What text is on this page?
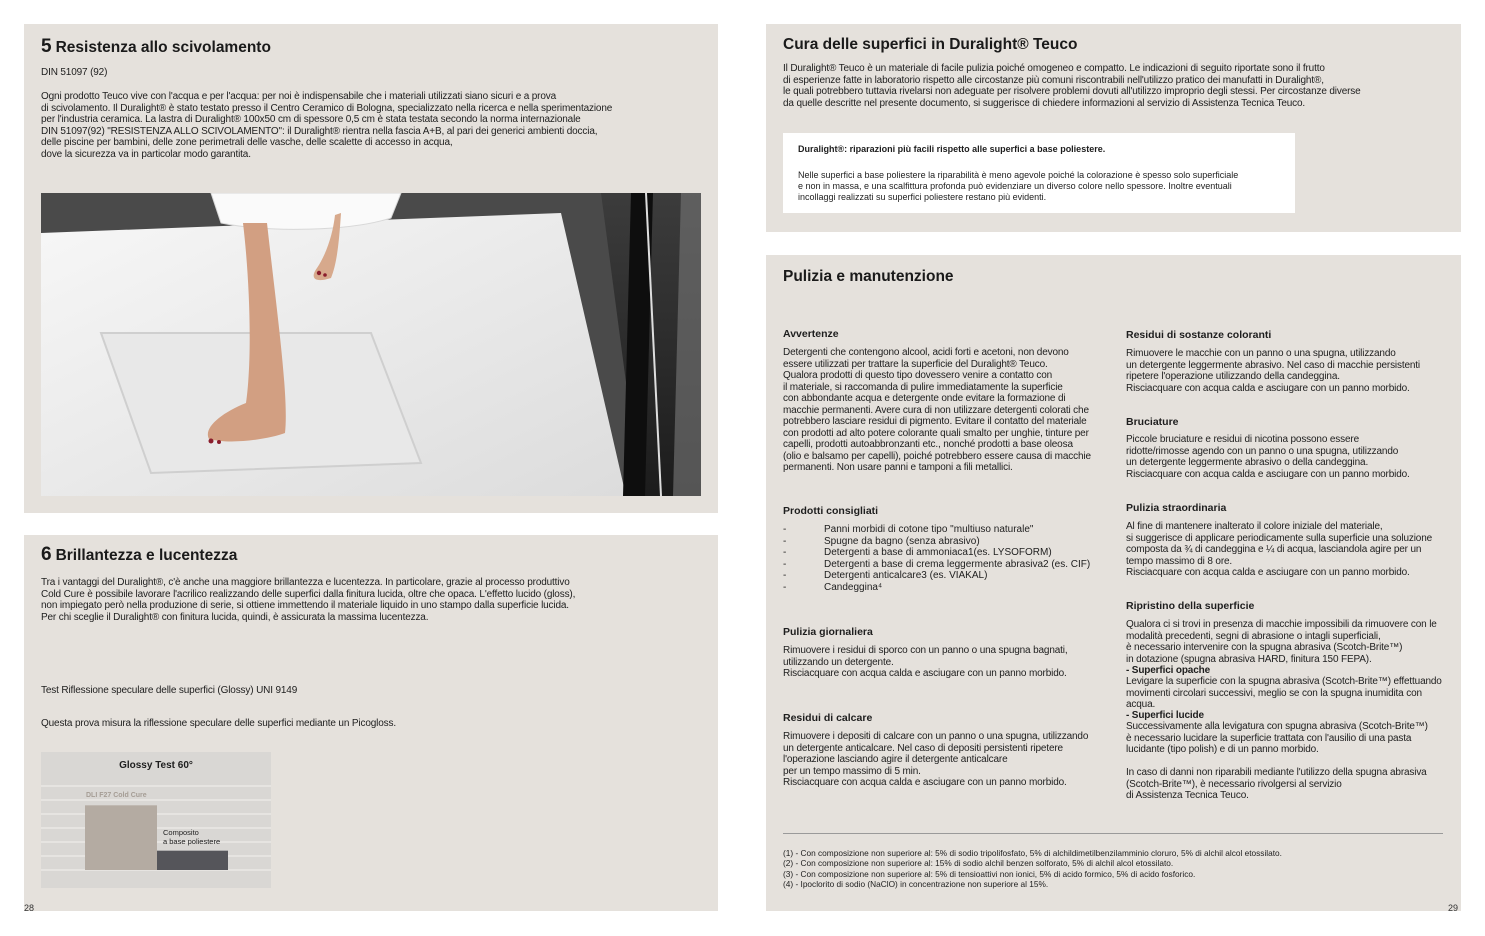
5 Resistenza allo scivolamento

DIN 51097 (92)

Ogni prodotto Teuco vive con l'acqua e per l'acqua: per noi è indispensabile che i materiali utilizzati siano sicuri e a prova
di scivolamento. Il Duralight® è stato testato presso il Centro Ceramico di Bologna, specializzato nella ricerca e nella sperimentazione
per l'industria ceramica. La lastra di Duralight® 100x50 cm di spessore 0,5 cm è stata testata secondo la norma internazionale
DIN 51097(92) "RESISTENZA ALLO SCIVOLAMENTO": il Duralight® rientra nella fascia A+B, al pari dei generici ambienti doccia,
delle piscine per bambini, delle zone perimetrali delle vasche, delle scalette di accesso in acqua,
dove la sicurezza va in particolar modo garantita.

6 Brillantezza e lucentezza

Tra i vantaggi del Duralight®, c'è anche una maggiore brillantezza e lucentezza. In particolare, grazie al processo produttivo
Cold Cure è possibile lavorare l'acrilico realizzando delle superfici dalla finitura lucida, oltre che opaca. L'effetto lucido (gloss),
non impiegato però nella produzione di serie, si ottiene immettendo il materiale liquido in uno stampo dalla superficie lucida.
Per chi sceglie il Duralight® con finitura lucida, quindi, è assicurata la massima lucentezza.

Test Riflessione speculare delle superfici (Glossy) UNI 9149

Questa prova misura la riflessione speculare delle superfici mediante un Picogloss.

Glossy Test 60°
DLI F27 Cold Cure
Composito
a base poliestere
28
Cura delle superfici in Duralight® Teuco

Il Duralight® Teuco è un materiale di facile pulizia poiché omogeneo e compatto. Le indicazioni di seguito riportate sono il frutto
di esperienze fatte in laboratorio rispetto alle circostanze più comuni riscontrabili nell'utilizzo pratico dei manufatti in Duralight®,
le quali potrebbero tuttavia rivelarsi non adeguate per risolvere problemi dovuti all'utilizzo improprio degli stessi. Per circostanze diverse
da quelle descritte nel presente documento, si suggerisce di chiedere informazioni al servizio di Assistenza Tecnica Teuco.

Duralight®: riparazioni più facili rispetto alle superfici a base poliestere.
Nelle superfici a base poliestere la riparabilità è meno agevole poiché la colorazione è spesso solo superficiale
e non in massa, e una scalfittura profonda può evidenziare un diverso colore nello spessore. Inoltre eventuali
incollaggi realizzati su superfici poliestere restano più evidenti.
Pulizia e manutenzione
Avvertenze

Detergenti che contengono alcool, acidi forti e acetoni, non devono
essere utilizzati per trattare la superficie del Duralight® Teuco.
Qualora prodotti di questo tipo dovessero venire a contatto con
il materiale, si raccomanda di pulire immediatamente la superficie
con abbondante acqua e detergente onde evitare la formazione di
macchie permanenti. Avere cura di non utilizzare detergenti colorati che
potrebbero lasciare residui di pigmento. Evitare il contatto del materiale
con prodotti ad alto potere colorante quali smalto per unghie, tinture per
capelli, prodotti autoabbronzanti etc., nonché prodotti a base oleosa
(olio e balsamo per capelli), poiché potrebbero essere causa di macchie
permanenti. Non usare panni e tamponi a fili metallici.

Prodotti consigliati
-	Panni morbidi di cotone tipo "multiuso naturale"
-	Spugne da bagno (senza abrasivo)
-	Detergenti a base di ammoniaca1(es. LYSOFORM)
-	Detergenti a base di crema leggermente abrasiva2 (es. CIF)
-	Detergenti anticalcare3 (es. VIAKAL)
-	Candeggina⁴
Pulizia giornaliera

Rimuovere i residui di sporco con un panno o una spugna bagnati,
utilizzando un detergente.
Risciacquare con acqua calda e asciugare con un panno morbido.

Residui di calcare

Rimuovere i depositi di calcare con un panno o una spugna, utilizzando
un detergente anticalcare. Nel caso di depositi persistenti ripetere
l'operazione lasciando agire il detergente anticalcare
per un tempo massimo di 5 min.
Risciacquare con acqua calda e asciugare con un panno morbido.

Residui di sostanze coloranti

Rimuovere le macchie con un panno o una spugna, utilizzando
un detergente leggermente abrasivo. Nel caso di macchie persistenti
ripetere l'operazione utilizzando della candeggina.
Risciacquare con acqua calda e asciugare con un panno morbido.

Bruciature

Piccole bruciature e residui di nicotina possono essere
ridotte/rimosse agendo con un panno o una spugna, utilizzando
un detergente leggermente abrasivo o della candeggina.
Risciacquare con acqua calda e asciugare con un panno morbido.

Pulizia straordinaria

Al fine di mantenere inalterato il colore iniziale del materiale,
si suggerisce di applicare periodicamente sulla superficie una soluzione
composta da ¾ di candeggina e ¼ di acqua, lasciandola agire per un
tempo massimo di 8 ore.
Risciacquare con acqua calda e asciugare con un panno morbido.

Ripristino della superficie

Qualora ci si trovi in presenza di macchie impossibili da rimuovere con le
modalità precedenti, segni di abrasione o intagli superficiali,
è necessario intervenire con la spugna abrasiva (Scotch-Brite™)
in dotazione (spugna abrasiva HARD, finitura 150 FEPA).

- Superfici opache

Levigare la superficie con la spugna abrasiva (Scotch-Brite™) effettuando
movimenti circolari successivi, meglio se con la spugna inumidita con
acqua.

- Superfici lucide

Successivamente alla levigatura con spugna abrasiva (Scotch-Brite™)
è necessario lucidare la superficie trattata con l'ausilio di una pasta
lucidante (tipo polish) e di un panno morbido.

In caso di danni non riparabili mediante l'utilizzo della spugna abrasiva
(Scotch-Brite™), è necessario rivolgersi al servizio
di Assistenza Tecnica Teuco.

(1) - Con composizione non superiore al: 5% di sodio tripolifosfato, 5% di alchildimetilbenzilamminio cloruro, 5% di alchil alcol etossilato.
(2) - Con composizione non superiore al: 15% di sodio alchil benzen solforato, 5% di alchil alcol etossilato.
(3) - Con composizione non superiore al: 5% di tensioattivi non ionici, 5% di acido formico, 5% di acido fosforico.
(4) - Ipoclorito di sodio (NaClO) in concentrazione non superiore al 15%.
29
